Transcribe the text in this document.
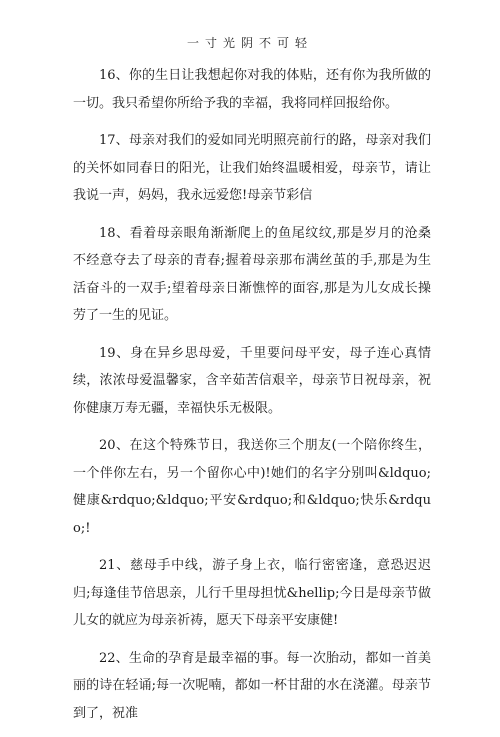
一寸光阴不可轻

16、你的生日让我想起你对我的体贴，还有你为我所做的一切。我只希望你所给予我的幸福，我将同样回报给你。

17、母亲对我们的爱如同光明照亮前行的路，母亲对我们的关怀如同春日的阳光，让我们始终温暖相爱，母亲节，请让我说一声，妈妈，我永远爱您!母亲节彩信

18、看着母亲眼角渐渐爬上的鱼尾纹纹,那是岁月的沧桑不经意夺去了母亲的青春;握着母亲那布满丝茧的手,那是为生活奋斗的一双手;望着母亲日渐憔悴的面容,那是为儿女成长操劳了一生的见证。

19、身在异乡思母爱，千里要问母平安，母子连心真情续，浓浓母爱温馨家，含辛茹苦信艰辛，母亲节日祝母亲，祝你健康万寿无疆，幸福快乐无极限。

20、在这个特殊节日，我送你三个朋友(一个陪你终生，一个伴你左右，另一个留你心中)!她们的名字分别叫&ldquo;健康&rdquo;&ldquo;平安&rdquo;和&ldquo;快乐&rdquo;!

21、慈母手中线，游子身上衣，临行密密逢，意恐迟迟归;每逢佳节倍思亲，儿行千里母担忧&hellip;今日是母亲节做儿女的就应为母亲祈祷，愿天下母亲平安康健!

22、生命的孕育是最幸福的事。每一次胎动，都如一首美丽的诗在轻诵;每一次呢喃，都如一杯甘甜的水在浇灌。母亲节到了，祝准
